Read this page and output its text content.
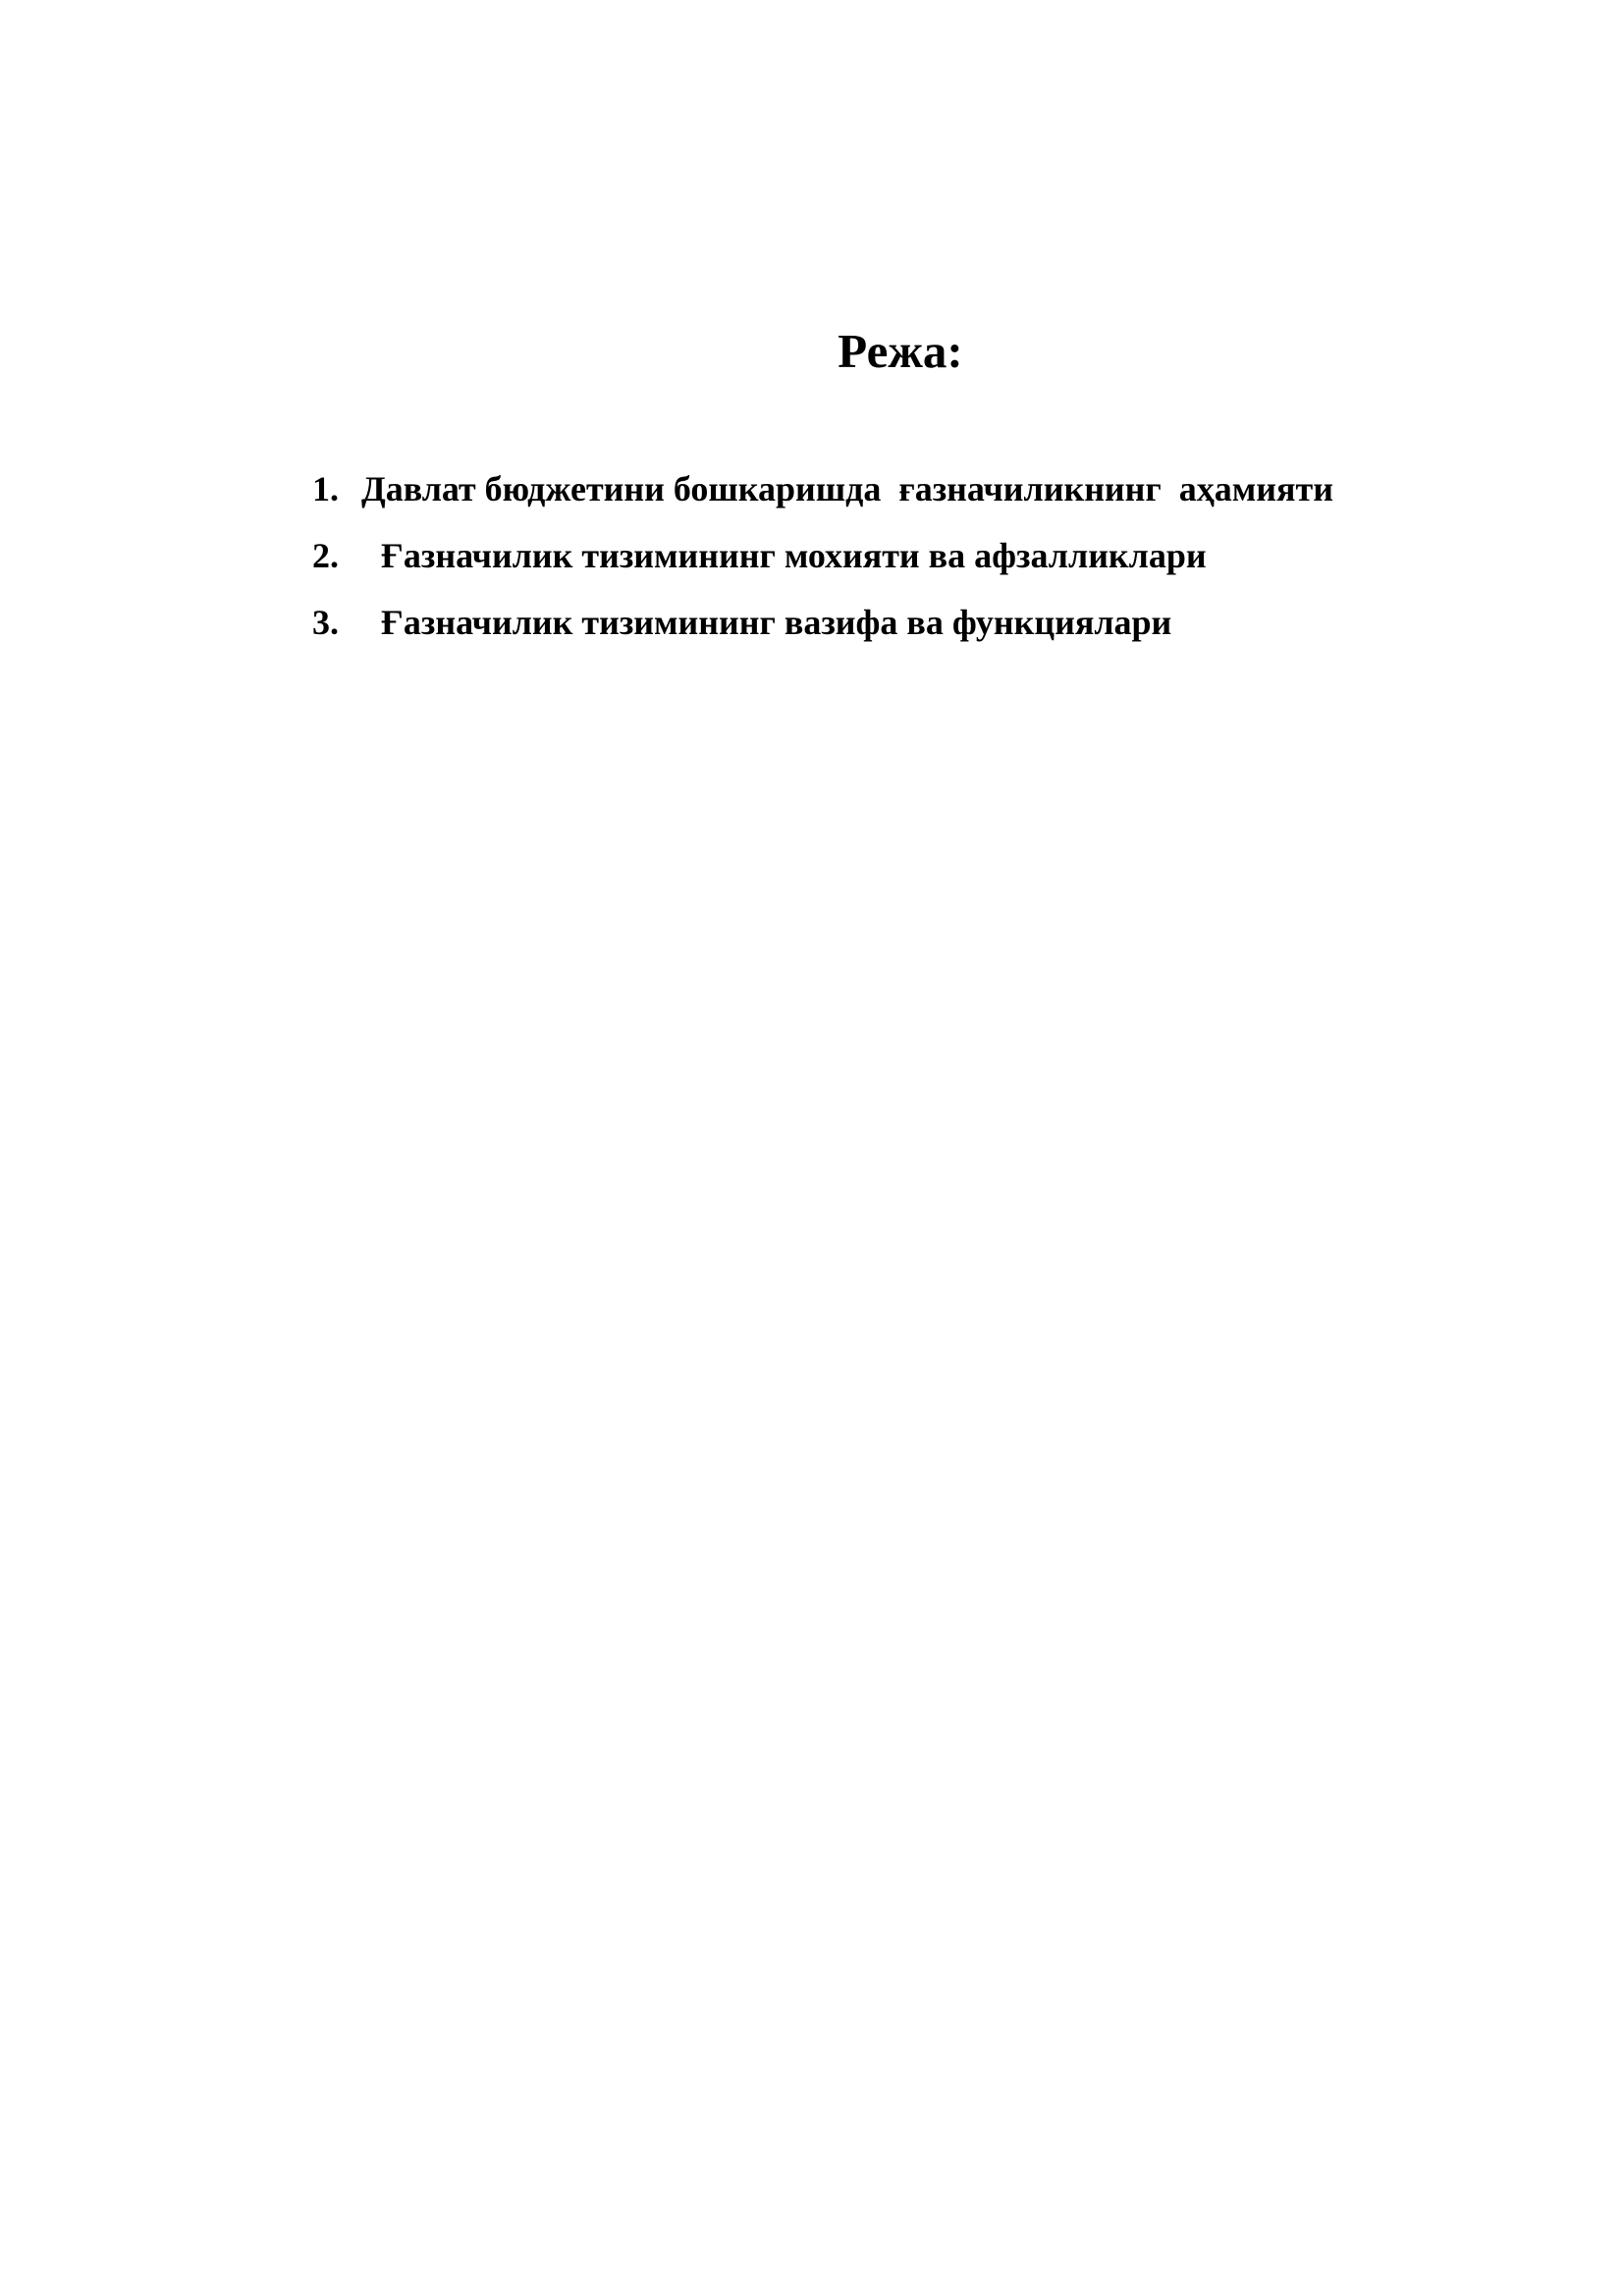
Режа:
1. Давлат бюджетини бошкаришда  ғазначиликнинг  аҳамияти
2.	Ғазначилик тизимининг мохияти ва афзалликлари
3.	Ғазначилик тизимининг вазифа ва функциялари
